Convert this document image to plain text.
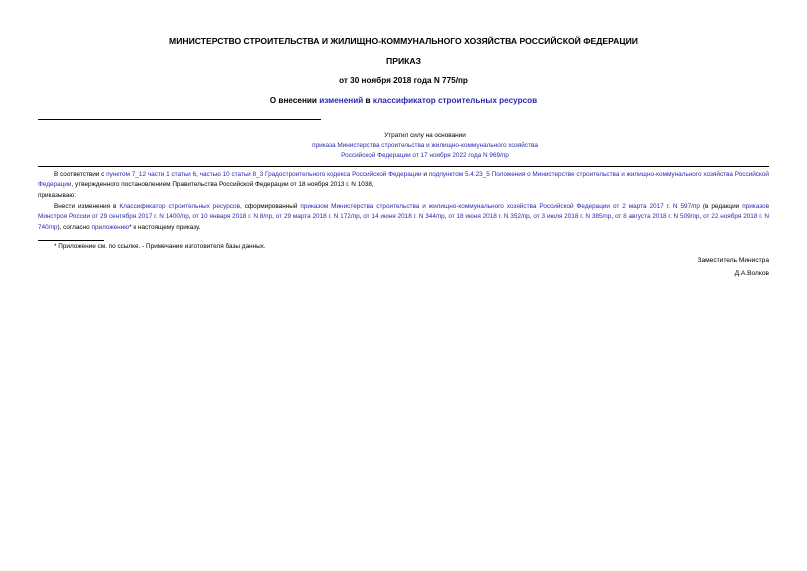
МИНИСТЕРСТВО СТРОИТЕЛЬСТВА И ЖИЛИЩНО-КОММУНАЛЬНОГО ХОЗЯЙСТВА РОССИЙСКОЙ ФЕДЕРАЦИИ
ПРИКАЗ
от 30 ноября 2018 года N 775/пр
О внесении изменений в классификатор строительных ресурсов
Утратил силу на основании
приказа Министерства строительства и жилищно-коммунального хозяйства
Российской Федерации от 17 ноября 2022 года N 969/пр
В соответствии с пунктом 7_12 части 1 статьи 6, частью 10 статьи 8_3 Градостроительного кодекса Российской Федерации и подпунктом 5.4.23_5 Положения о Министерстве строительства и жилищно-коммунального хозяйства Российской Федерации, утвержденного постановлением Правительства Российской Федерации от 18 ноября 2013 г. N 1038,
приказываю:
Внести изменения в Классификатор строительных ресурсов, сформированный приказом Министерства строительства и жилищно-коммунального хозяйства Российской Федерации от 2 марта 2017 г. N 597/пр (в редакции приказов Минстроя России от 29 сентября 2017 г. N 1400/пр, от 10 января 2018 г. N 8/пр, от 29 марта 2018 г. N 172/пр, от 14 июня 2018 г. N 344/пр, от 18 июня 2018 г. N 352/пр, от 3 июля 2018 г. N 385/пр, от 8 августа 2018 г. N 509/пр, от 22 ноября 2018 г. N 740/пр), согласно приложению* к настоящему приказу.
* Приложение см. по ссылке. - Примечание изготовителя базы данных.
Заместитель Министра
Д.А.Волков
